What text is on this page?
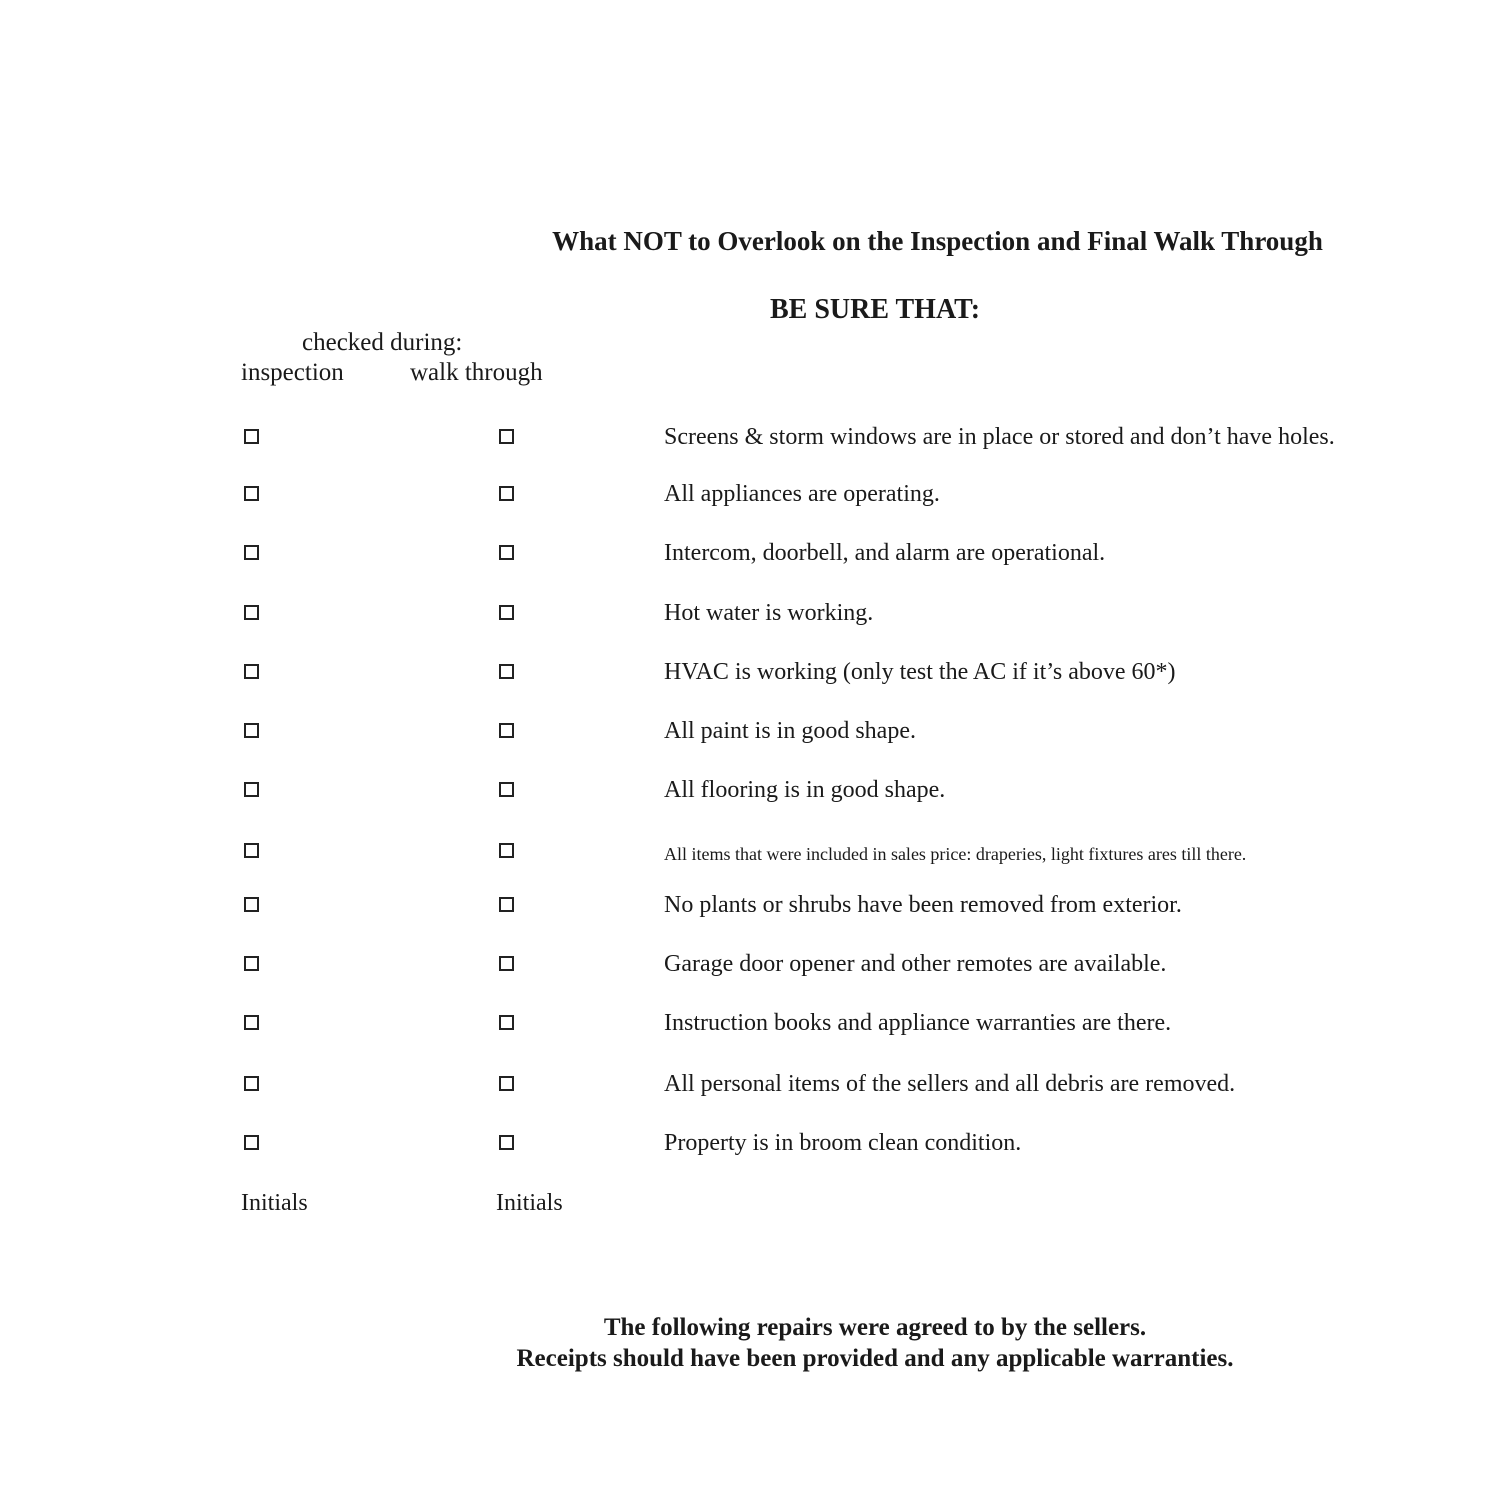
What NOT to Overlook on the Inspection and Final Walk Through
BE SURE THAT:
checked during:
inspection	walk through
Screens & storm windows are in place or stored and don’t have holes.
All appliances are operating.
Intercom, doorbell, and alarm are operational.
Hot water is working.
HVAC is working (only test the AC if it’s above 60*)
All paint is in good shape.
All flooring is in good shape.
All items that were included in sales price: draperies, light fixtures ares till there.
No plants or shrubs have been removed from exterior.
Garage door opener and other remotes are available.
Instruction books and appliance warranties are there.
All personal items of the sellers and all debris are removed.
Property is in broom clean condition.
Initials	Initials
The following repairs were agreed to by the sellers.
Receipts should have been provided and any applicable warranties.
